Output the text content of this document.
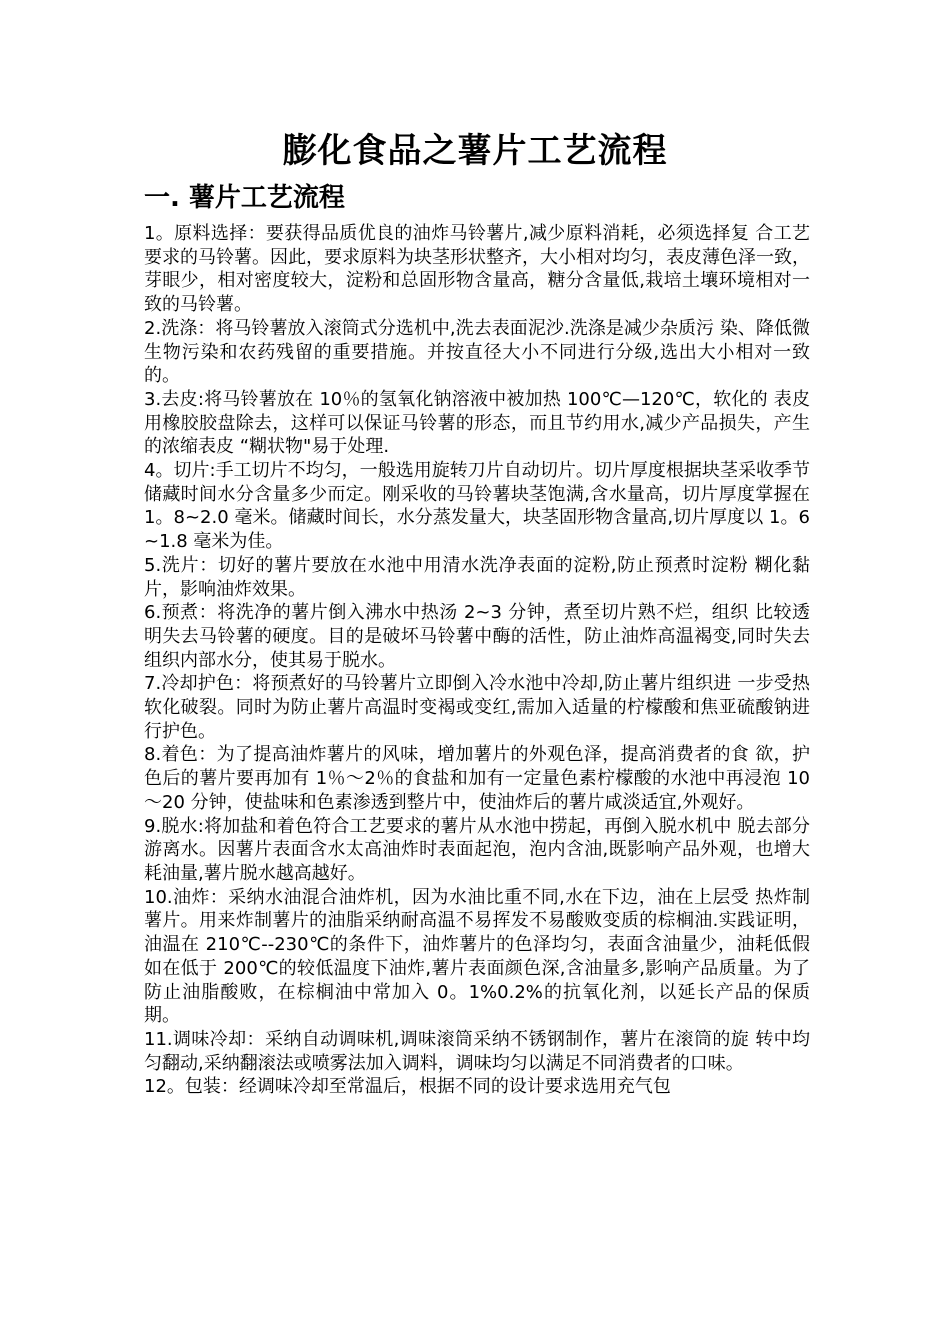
膨化食品之薯片工艺流程
一. 薯片工艺流程

1。原料选择：要获得品质优良的油炸马铃薯片,减少原料消耗，必须选择复 合工艺要求的马铃薯。因此，要求原料为块茎形状整齐，大小相对均匀，表皮薄色泽一致，芽眼少，相对密度较大，淀粉和总固形物含量高，糖分含量低,栽培土壤环境相对一致的马铃薯。

2.洗涤：将马铃薯放入滚筒式分选机中,洗去表面泥沙.洗涤是减少杂质污 染、降低微生物污染和农药残留的重要措施。并按直径大小不同进行分级,选出大小相对一致的。

3.去皮:将马铃薯放在 10％的氢氧化钠溶液中被加热 100℃—120℃，软化的 表皮用橡胶胶盘除去，这样可以保证马铃薯的形态，而且节约用水,减少产品损失，产生的浓缩表皮 “糊状物"易于处理.

4。切片:手工切片不均匀，一般选用旋转刀片自动切片。切片厚度根据块茎采收季节储藏时间水分含量多少而定。刚采收的马铃薯块茎饱满,含水量高，切片厚度掌握在 1。8~2.0 毫米。储藏时间长，水分蒸发量大，块茎固形物含量高,切片厚度以 1。6~1.8 毫米为佳。

5.洗片：切好的薯片要放在水池中用清水洗净表面的淀粉,防止预煮时淀粉 糊化黏片，影响油炸效果。

6.预煮：将洗净的薯片倒入沸水中热汤 2~3 分钟，煮至切片熟不烂，组织 比较透明失去马铃薯的硬度。目的是破坏马铃薯中酶的活性，防止油炸高温褐变,同时失去组织内部水分，使其易于脱水。

7.冷却护色：将预煮好的马铃薯片立即倒入冷水池中冷却,防止薯片组织进 一步受热软化破裂。同时为防止薯片高温时变褐或变红,需加入适量的柠檬酸和焦亚硫酸钠进行护色。

8.着色：为了提高油炸薯片的风味，增加薯片的外观色泽，提高消费者的食 欲，护色后的薯片要再加有 1％～2％的食盐和加有一定量色素柠檬酸的水池中再浸泡 10～20 分钟，使盐味和色素渗透到整片中，使油炸后的薯片咸淡适宜,外观好。

9.脱水:将加盐和着色符合工艺要求的薯片从水池中捞起，再倒入脱水机中 脱去部分游离水。因薯片表面含水太高油炸时表面起泡，泡内含油,既影响产品外观，也增大耗油量,薯片脱水越高越好。

10.油炸：采纳水油混合油炸机，因为水油比重不同,水在下边，油在上层受 热炸制薯片。用来炸制薯片的油脂采纳耐高温不易挥发不易酸败变质的棕榈油.实践证明，油温在 210℃--230℃的条件下，油炸薯片的色泽均匀，表面含油量少，油耗低假如在低于 200℃的较低温度下油炸,薯片表面颜色深,含油量多,影响产品质量。为了防止油脂酸败，在棕榈油中常加入 0。1%0.2%的抗氧化剂，以延长产品的保质期。

11.调味冷却：采纳自动调味机,调味滚筒采纳不锈钢制作，薯片在滚筒的旋 转中均匀翻动,采纳翻滚法或喷雾法加入调料，调味均匀以满足不同消费者的口味。

12。包装：经调味冷却至常温后，根据不同的设计要求选用充气包
